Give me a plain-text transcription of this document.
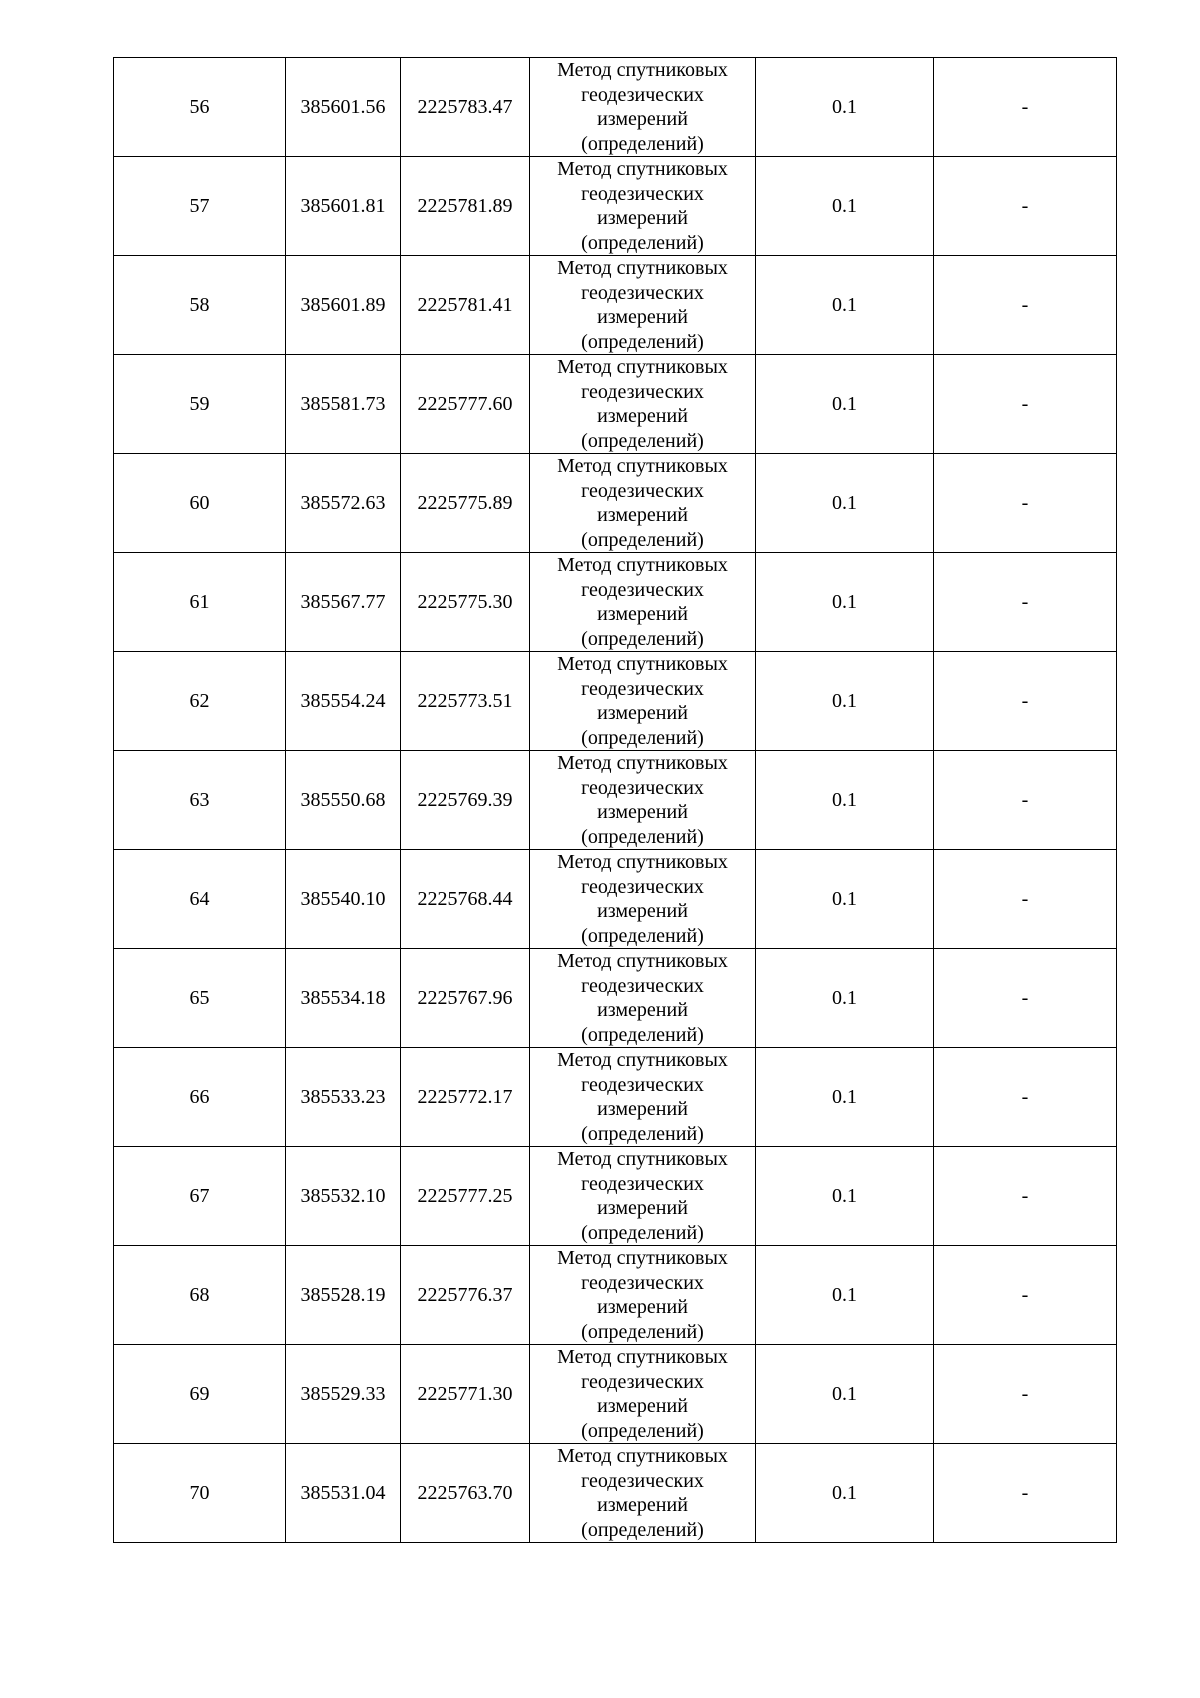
56	385601.56	2225783.47	Метод спутниковых
геодезических
измерений
(определений)	0.1	-
57	385601.81	2225781.89	Метод спутниковых
геодезических
измерений
(определений)	0.1	-
58	385601.89	2225781.41	Метод спутниковых
геодезических
измерений
(определений)	0.1	-
59	385581.73	2225777.60	Метод спутниковых
геодезических
измерений
(определений)	0.1	-
60	385572.63	2225775.89	Метод спутниковых
геодезических
измерений
(определений)	0.1	-
61	385567.77	2225775.30	Метод спутниковых
геодезических
измерений
(определений)	0.1	-
62	385554.24	2225773.51	Метод спутниковых
геодезических
измерений
(определений)	0.1	-
63	385550.68	2225769.39	Метод спутниковых
геодезических
измерений
(определений)	0.1	-
64	385540.10	2225768.44	Метод спутниковых
геодезических
измерений
(определений)	0.1	-
65	385534.18	2225767.96	Метод спутниковых
геодезических
измерений
(определений)	0.1	-
66	385533.23	2225772.17	Метод спутниковых
геодезических
измерений
(определений)	0.1	-
67	385532.10	2225777.25	Метод спутниковых
геодезических
измерений
(определений)	0.1	-
68	385528.19	2225776.37	Метод спутниковых
геодезических
измерений
(определений)	0.1	-
69	385529.33	2225771.30	Метод спутниковых
геодезических
измерений
(определений)	0.1	-
70	385531.04	2225763.70	Метод спутниковых
геодезических
измерений
(определений)	0.1	-
